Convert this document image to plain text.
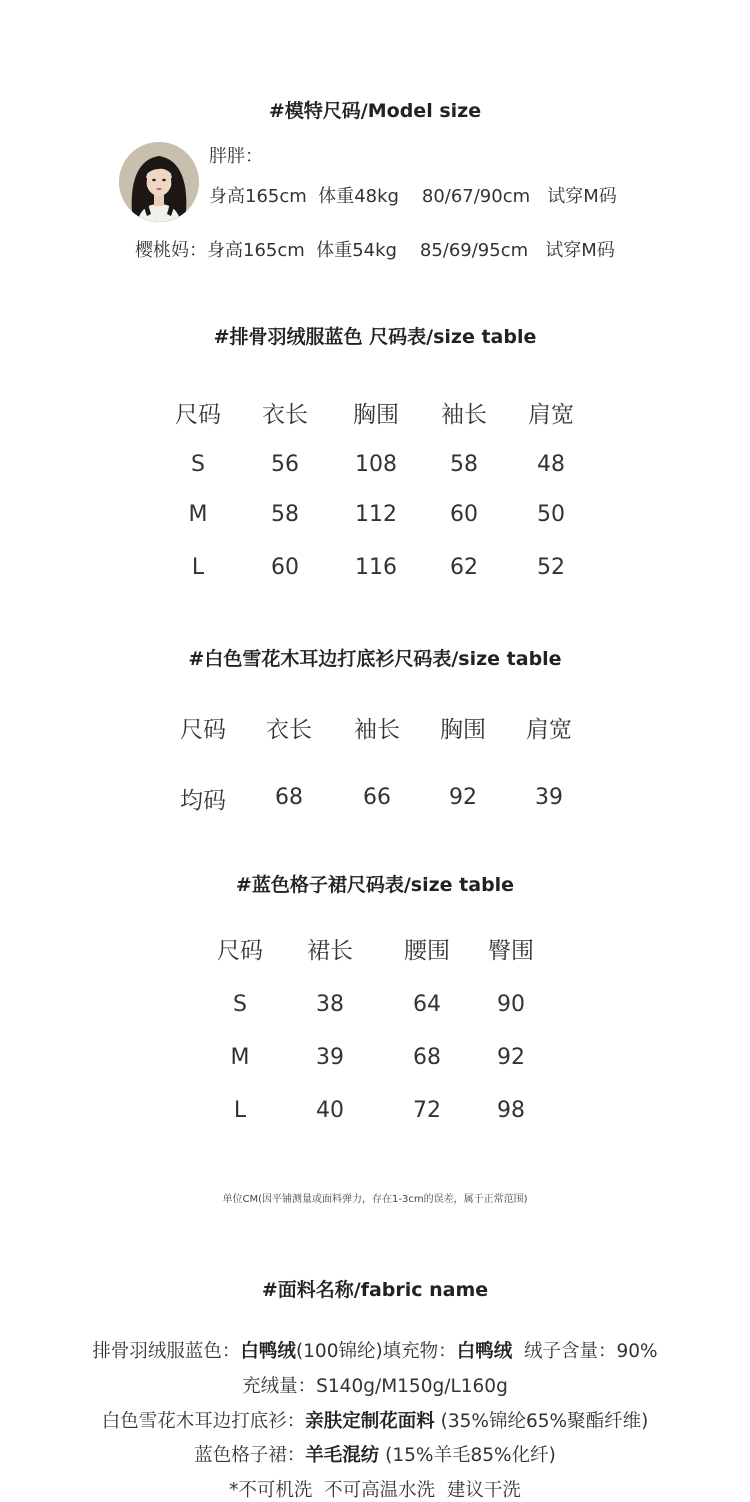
#模特尺码/Model size
胖胖：
身高165cm  体重48kg    80/67/90cm   试穿M码
樱桃妈：身高165cm  体重54kg    85/69/95cm   试穿M码
#排骨羽绒服蓝色 尺码表/size table
尺码	衣长	胸围	袖长	肩宽
S	56	108	58	48
M	58	112	60	50
L	60	116	62	52
#白色雪花木耳边打底衫尺码表/size table
尺码	衣长	袖长	胸围	肩宽
均码	68	66	92	39
#蓝色格子裙尺码表/size table
尺码	裙长	腰围	臀围
S	38	64	90
M	39	68	92
L	40	72	98
单位CM(因平铺测量或面料弹力，存在1-3cm的误差，属于正常范围)
#面料名称/fabric name
排骨羽绒服蓝色：白鸭绒(100锦纶)填充物：白鸭绒  绒子含量：90%
充绒量：S140g/M150g/L160g
白色雪花木耳边打底衫：亲肤定制花面料 (35%锦纶65%聚酯纤维)
蓝色格子裙：羊毛混纺 (15%羊毛85%化纤)
*不可机洗  不可高温水洗  建议干洗
